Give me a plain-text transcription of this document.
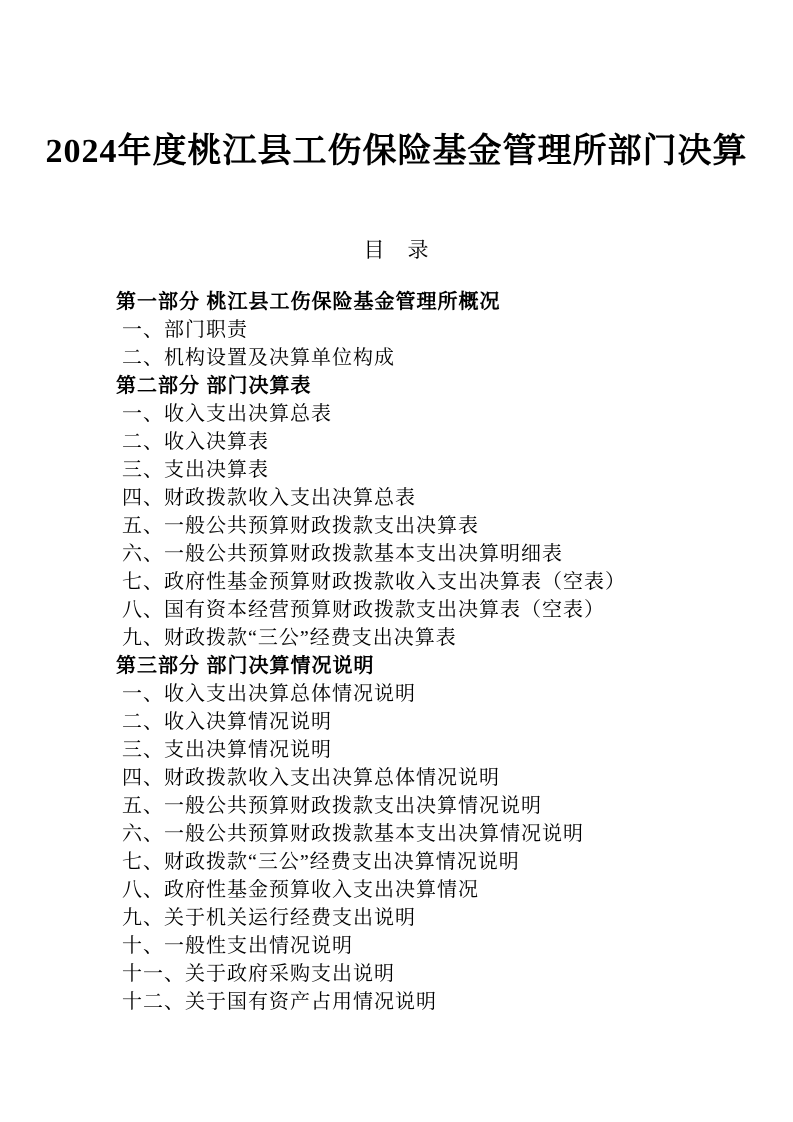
2024年度桃江县工伤保险基金管理所部门决算
目　录
第一部分 桃江县工伤保险基金管理所概况
一、部门职责
二、机构设置及决算单位构成
第二部分 部门决算表
一、收入支出决算总表
二、收入决算表
三、支出决算表
四、财政拨款收入支出决算总表
五、一般公共预算财政拨款支出决算表
六、一般公共预算财政拨款基本支出决算明细表
七、政府性基金预算财政拨款收入支出决算表（空表）
八、国有资本经营预算财政拨款支出决算表（空表）
九、财政拨款“三公”经费支出决算表
第三部分 部门决算情况说明
一、收入支出决算总体情况说明
二、收入决算情况说明
三、支出决算情况说明
四、财政拨款收入支出决算总体情况说明
五、一般公共预算财政拨款支出决算情况说明
六、一般公共预算财政拨款基本支出决算情况说明
七、财政拨款“三公”经费支出决算情况说明
八、政府性基金预算收入支出决算情况
九、关于机关运行经费支出说明
十、一般性支出情况说明
十一、关于政府采购支出说明
十二、关于国有资产占用情况说明
